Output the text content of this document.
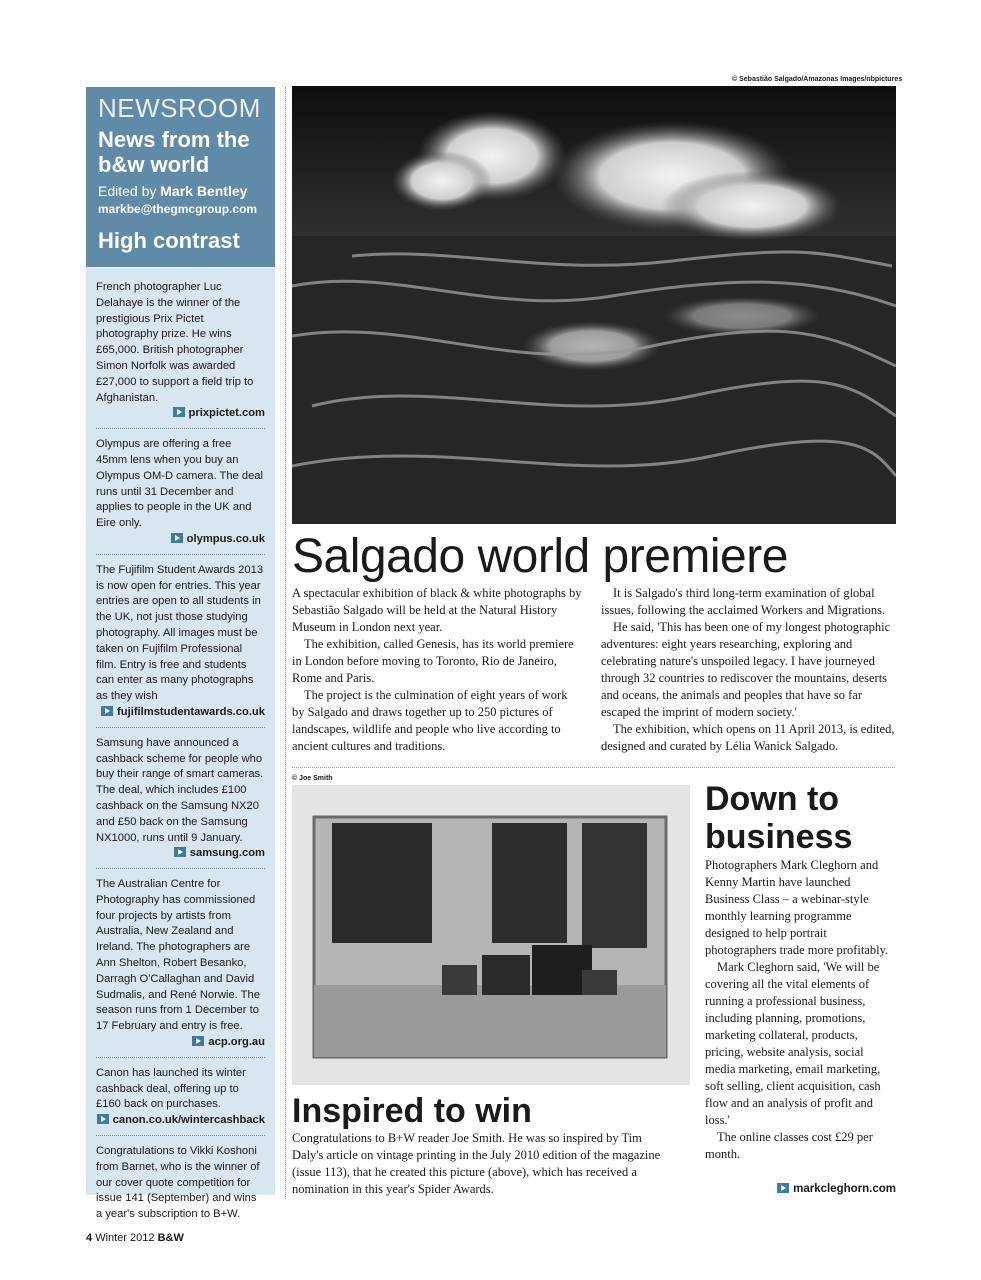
NEWSROOM
News from the b&w world
Edited by Mark Bentley
markbe@thegmcgroup.com
High contrast
French photographer Luc Delahaye is the winner of the prestigious Prix Pictet photography prize. He wins £65,000. British photographer Simon Norfolk was awarded £27,000 to support a field trip to Afghanistan.
prixpictet.com
Olympus are offering a free 45mm lens when you buy an Olympus OM-D camera. The deal runs until 31 December and applies to people in the UK and Eire only.
olympus.co.uk
The Fujifilm Student Awards 2013 is now open for entries. This year entries are open to all students in the UK, not just those studying photography. All images must be taken on Fujifilm Professional film. Entry is free and students can enter as many photographs as they wish
fujifilmstudentawards.co.uk
Samsung have announced a cashback scheme for people who buy their range of smart cameras. The deal, which includes £100 cashback on the Samsung NX20 and £50 back on the Samsung NX1000, runs until 9 January.
samsung.com
The Australian Centre for Photography has commissioned four projects by artists from Australia, New Zealand and Ireland. The photographers are Ann Shelton, Robert Besanko, Darragh O'Callaghan and David Sudmalis, and René Norwie. The season runs from 1 December to 17 February and entry is free.
acp.org.au
Canon has launched its winter cashback deal, offering up to £160 back on purchases.
canon.co.uk/wintercashback
Congratulations to Vikki Koshoni from Barnet, who is the winner of our cover quote competition for issue 141 (September) and wins a year's subscription to B+W.
© Sebastião Salgado/Amazonas Images/nbpictures
Salgado world premiere

A spectacular exhibition of black & white photographs by Sebastião Salgado will be held at the Natural History Museum in London next year.

The exhibition, called Genesis, has its world premiere in London before moving to Toronto, Rio de Janeiro, Rome and Paris.

The project is the culmination of eight years of work by Salgado and draws together up to 250 pictures of landscapes, wildlife and people who live according to ancient cultures and traditions.

It is Salgado's third long-term examination of global issues, following the acclaimed Workers and Migrations.

He said, 'This has been one of my longest photographic adventures: eight years researching, exploring and celebrating nature's unspoiled legacy. I have journeyed through 32 countries to rediscover the mountains, deserts and oceans, the animals and peoples that have so far escaped the imprint of modern society.'

The exhibition, which opens on 11 April 2013, is edited, designed and curated by Lélia Wanick Salgado.

© Joe Smith
Inspired to win

Congratulations to B+W reader Joe Smith. He was so inspired by Tim Daly's article on vintage printing in the July 2010 edition of the magazine (issue 113), that he created this picture (above), which has received a nomination in this year's Spider Awards.

Down to business

Photographers Mark Cleghorn and Kenny Martin have launched Business Class – a webinar-style monthly learning programme designed to help portrait photographers trade more profitably.

Mark Cleghorn said, 'We will be covering all the vital elements of running a professional business, including planning, promotions, marketing collateral, products, pricing, website analysis, social media marketing, email marketing, soft selling, client acquisition, cash flow and an analysis of profit and loss.'

The online classes cost £29 per month.

markcleghorn.com
4 Winter 2012 B&W
